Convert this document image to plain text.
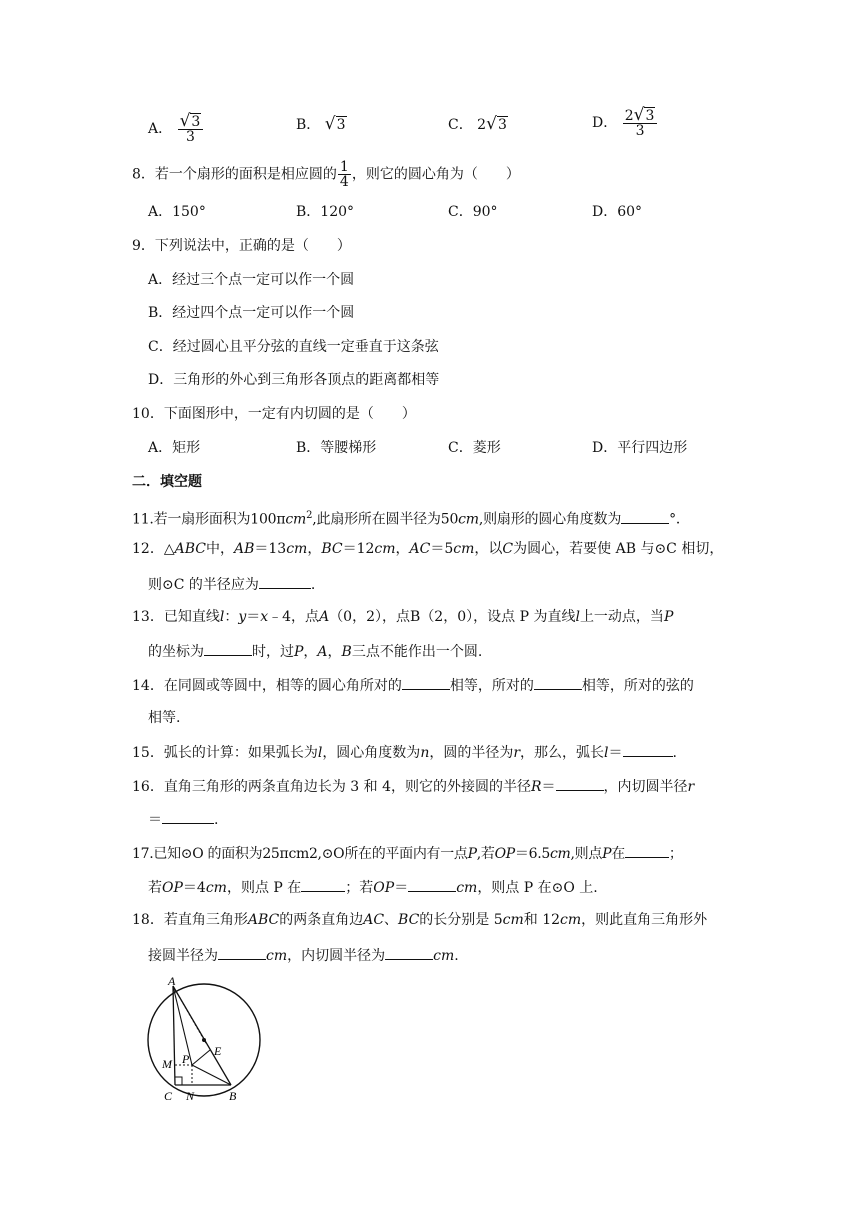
A． $\frac{√3}{3}$	B． √3	C． 2√3	D． $\frac{2√3}{3}$
8．若一个扇形的面积是相应圆的 $\frac{1}{4}$ ，则它的圆心角为（　　）
A．150°	B．120°	C．90°	D．60°
9．下列说法中，正确的是（　　）
A．经过三个点一定可以作一个圆
B．经过四个点一定可以作一个圆
C．经过圆心且平分弦的直线一定垂直于这条弦
D．三角形的外心到三角形各顶点的距离都相等
10．下面图形中，一定有内切圆的是（　　）
A．矩形	B．等腰梯形	C．菱形	D．平行四边形
二．填空题
11.若一扇形面积为100πcm$^2$,此扇形所在圆半径为50cm,则扇形的圆心角度数为	°．
12．△ABC中，AB＝13cm，BC＝12cm，AC＝5cm，以C为圆心，若要使 AB 与⊙C 相切，
则⊙C 的半径应为	.
13．已知直线l：y＝x﹣4，点A（0，2），点B（2，0），设点 P 为直线l上一动点，当P
的坐标为	时，过P，A，B三点不能作出一个圆.
14．在同圆或等圆中，相等的圆心角所对的	相等，所对的	相等，所对的弦的
相等.
15．弧长的计算：如果弧长为l，圆心角度数为n，圆的半径为r，那么，弧长l＝	.
16．直角三角形的两条直角边长为 3 和 4，则它的外接圆的半径R＝	，内切圆半径r
＝	.
17.已知⊙O 的面积为25πcm2,⊙O所在的平面内有一点P,若OP＝6.5cm,则点P在	；
若OP＝4cm，则点 P 在	；若OP＝	cm，则点 P 在⊙O 上.
18．若直角三角形ABC的两条直角边AC、BC的长分别是 5cm和 12cm，则此直角三角形外
接圆半径为	cm，内切圆半径为	cm.
A
P
M
E
C N	B
